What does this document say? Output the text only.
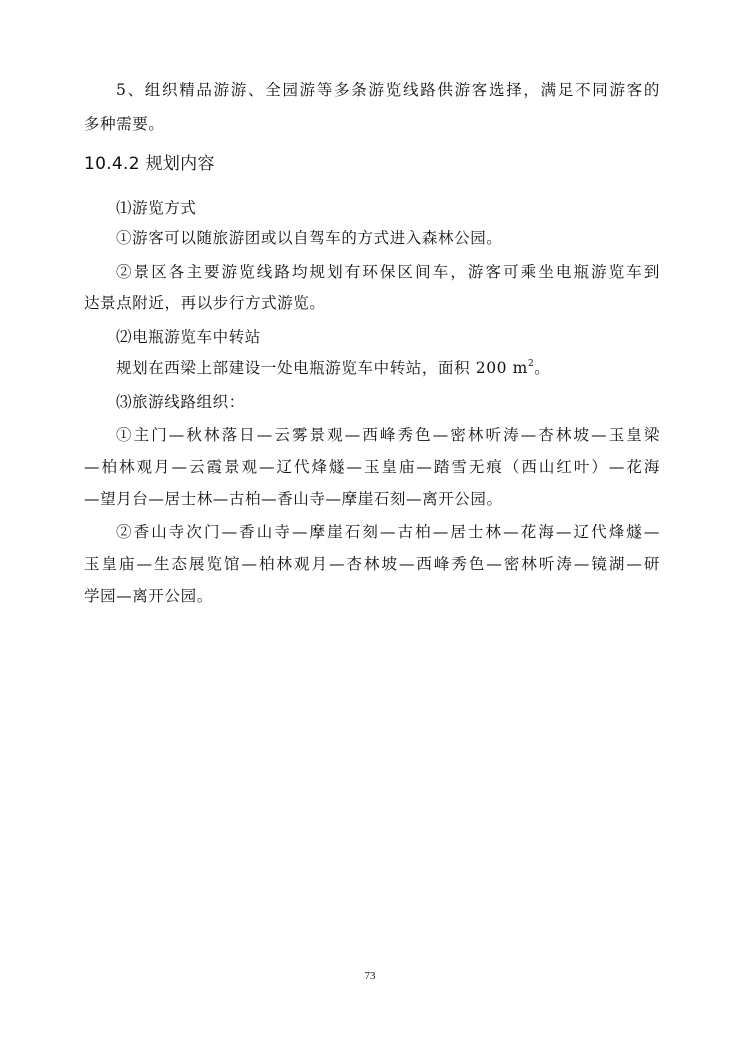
5、组织精品游游、全园游等多条游览线路供游客选择，满足不同游客的
多种需要。
10.4.2 规划内容
⑴游览方式
①游客可以随旅游团或以自驾车的方式进入森林公园。
②景区各主要游览线路均规划有环保区间车，游客可乘坐电瓶游览车到
达景点附近，再以步行方式游览。
⑵电瓶游览车中转站
规划在西梁上部建设一处电瓶游览车中转站，面积 200 $m^2$。
⑶旅游线路组织：
①主门—秋林落日—云雾景观—西峰秀色—密林听涛—杏林坡—玉皇梁
—柏林观月—云霞景观—辽代烽燧—玉皇庙—踏雪无痕（西山红叶）—花海
—望月台—居士林—古柏—香山寺—摩崖石刻—离开公园。
②香山寺次门—香山寺—摩崖石刻—古柏—居士林—花海—辽代烽燧—
玉皇庙—生态展览馆—柏林观月—杏林坡—西峰秀色—密林听涛—镜湖—研
学园—离开公园。
73
